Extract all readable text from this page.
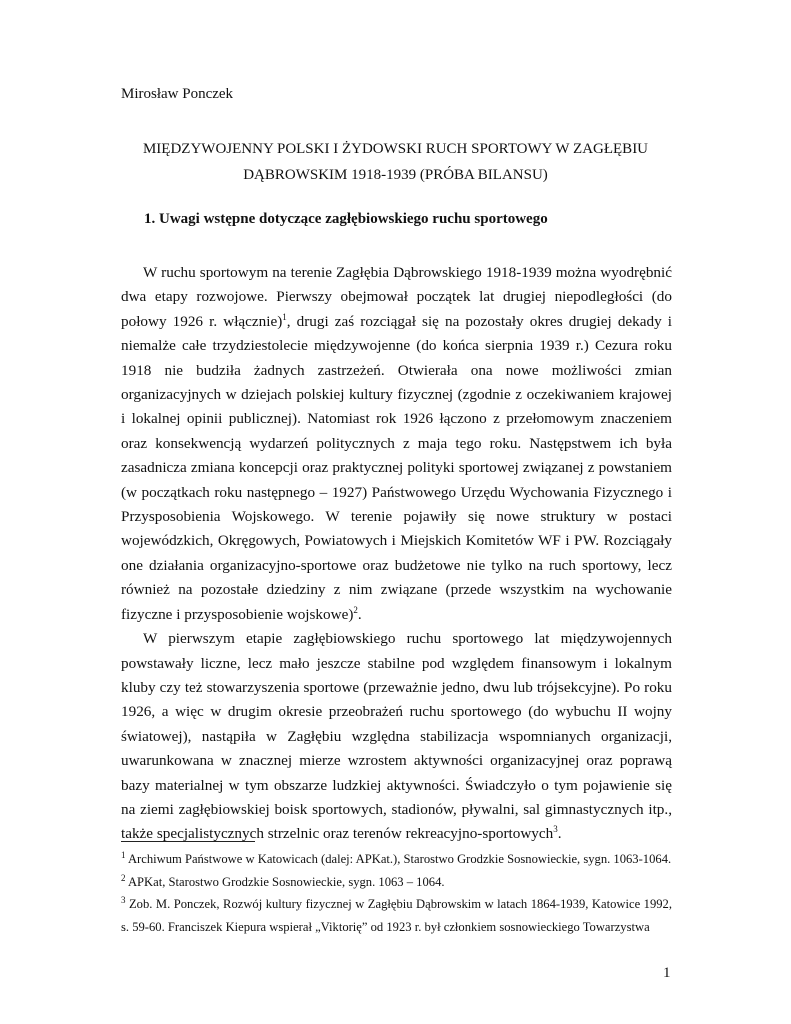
Mirosław Ponczek
MIĘDZYWOJENNY POLSKI I ŻYDOWSKI RUCH SPORTOWY W ZAGŁĘBIU
DĄBROWSKIM 1918-1939 (PRÓBA BILANSU)
1. Uwagi wstępne dotyczące zagłębiowskiego ruchu sportowego

W ruchu sportowym na terenie Zagłębia Dąbrowskiego 1918-1939 można wyodrębnić dwa etapy rozwojowe. Pierwszy obejmował początek lat drugiej niepodległości (do połowy 1926 r. włącznie)$^1$, drugi zaś rozciągał się na pozostały okres drugiej dekady i niemalże całe trzydziestolecie międzywojenne (do końca sierpnia 1939 r.) Cezura roku 1918 nie budziła żadnych zastrzeżeń. Otwierała ona nowe możliwości zmian organizacyjnych w dziejach polskiej kultury fizycznej (zgodnie z oczekiwaniem krajowej i lokalnej opinii publicznej). Natomiast rok 1926 łączono z przełomowym znaczeniem oraz konsekwencją wydarzeń politycznych z maja tego roku. Następstwem ich była zasadnicza zmiana koncepcji oraz praktycznej polityki sportowej związanej z powstaniem (w początkach roku następnego – 1927) Państwowego Urzędu Wychowania Fizycznego i Przysposobienia Wojskowego. W terenie pojawiły się nowe struktury w postaci wojewódzkich, Okręgowych, Powiatowych i Miejskich Komitetów WF i PW. Rozciągały one działania organizacyjno-sportowe oraz budżetowe nie tylko na ruch sportowy, lecz również na pozostałe dziedziny z nim związane (przede wszystkim na wychowanie fizyczne i przysposobienie wojskowe)$^2$.

W pierwszym etapie zagłębiowskiego ruchu sportowego lat międzywojennych powstawały liczne, lecz mało jeszcze stabilne pod względem finansowym i lokalnym kluby czy też stowarzyszenia sportowe (przeważnie jedno, dwu lub trójsekcyjne). Po roku 1926, a więc w drugim okresie przeobrażeń ruchu sportowego (do wybuchu II wojny światowej), nastąpiła w Zagłębiu względna stabilizacja wspomnianych organizacji, uwarunkowana w znacznej mierze wzrostem aktywności organizacyjnej oraz poprawą bazy materialnej w tym obszarze ludzkiej aktywności. Świadczyło o tym pojawienie się na ziemi zagłębiowskiej boisk sportowych, stadionów, pływalni, sal gimnastycznych itp., także specjalistycznych strzelnic oraz terenów rekreacyjno-sportowych$^3$.

$^1$ Archiwum Państwowe w Katowicach (dalej: APKat.), Starostwo Grodzkie Sosnowieckie, sygn. 1063-1064.

$^2$ APKat, Starostwo Grodzkie Sosnowieckie, sygn. 1063 – 1064.

$^3$ Zob. M. Ponczek, Rozwój kultury fizycznej w Zagłębiu Dąbrowskim w latach 1864-1939, Katowice 1992, s. 59-60. Franciszek Kiepura wspierał „Viktorię” od 1923 r. był członkiem sosnowieckiego Towarzystwa

1
